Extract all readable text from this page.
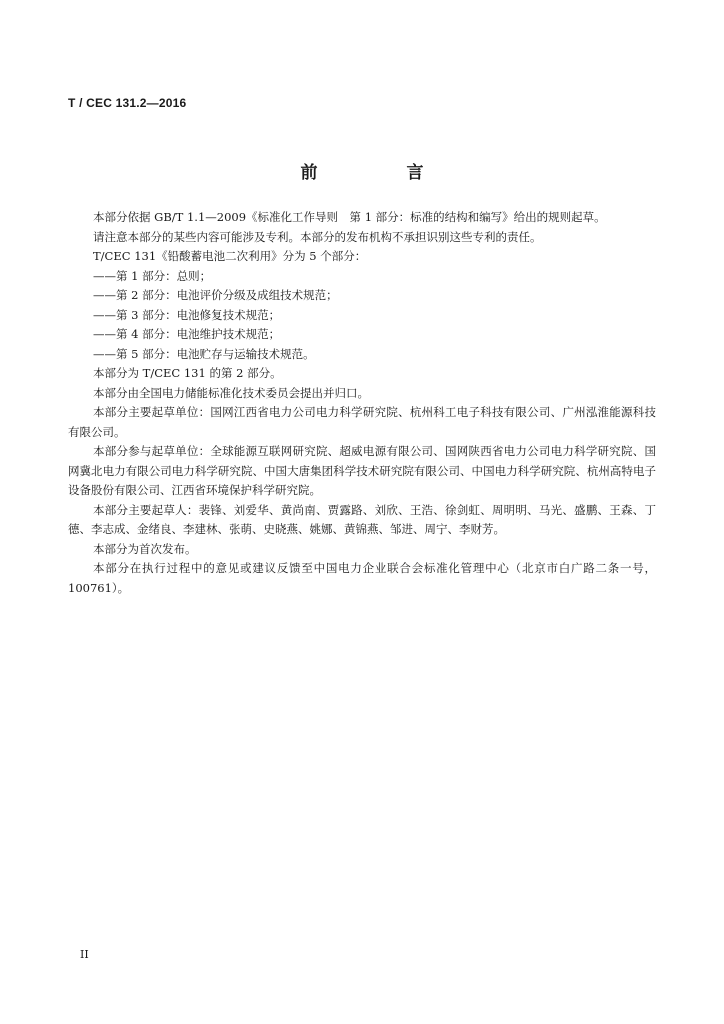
T / CEC 131.2—2016
前　言

本部分依据 GB/T 1.1—2009《标准化工作导则　第 1 部分：标准的结构和编写》给出的规则起草。

请注意本部分的某些内容可能涉及专利。本部分的发布机构不承担识别这些专利的责任。

T/CEC 131《铅酸蓄电池二次利用》分为 5 个部分：

——第 1 部分：总则；

——第 2 部分：电池评价分级及成组技术规范；

——第 3 部分：电池修复技术规范；

——第 4 部分：电池维护技术规范；

——第 5 部分：电池贮存与运输技术规范。

本部分为 T/CEC 131 的第 2 部分。

本部分由全国电力储能标准化技术委员会提出并归口。

本部分主要起草单位：国网江西省电力公司电力科学研究院、杭州科工电子科技有限公司、广州泓淮能源科技有限公司。

本部分参与起草单位：全球能源互联网研究院、超威电源有限公司、国网陕西省电力公司电力科学研究院、国网冀北电力有限公司电力科学研究院、中国大唐集团科学技术研究院有限公司、中国电力科学研究院、杭州高特电子设备股份有限公司、江西省环境保护科学研究院。

本部分主要起草人：裴锋、刘爱华、黄尚南、贾露路、刘欣、王浩、徐剑虹、周明明、马光、盛鹏、王森、丁德、李志成、金绪良、李建林、张萌、史晓燕、姚娜、黄锦燕、邹进、周宁、李财芳。

本部分为首次发布。

本部分在执行过程中的意见或建议反馈至中国电力企业联合会标准化管理中心（北京市白广路二条一号，100761）。

II
